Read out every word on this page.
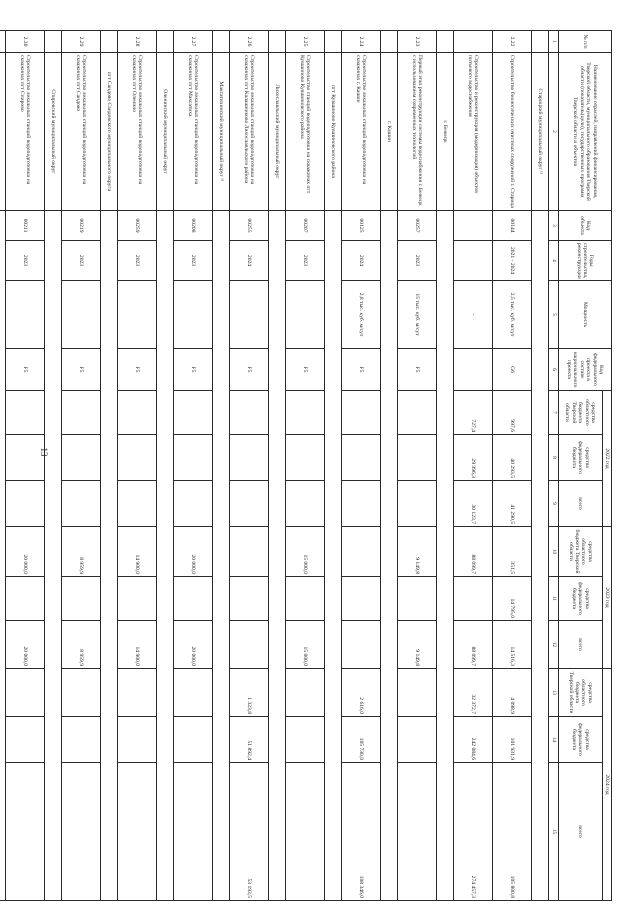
13
№ п/п	Наименование отраслей, направлений финансирования, Тверской области, муниципального образования Тверской области (показатель(цели), государственных программ Тверской области и объектов	Код объекта	Годы строительства, реконструкции	Мощность	Код федерального проекта в составе национального проекта	2022 год			2023 год			2024 год		
						средства областного бюджета Тверской области	средства федерального бюджета	всего	средства областного бюджета Тверской области	средства федерального бюджета	всего	средства областного бюджета Тверской области	средства федерального бюджета	всего
1	2	3	4	5	6	7	8	9	10	11	12	13	14	15
	Старицкий муниципальный округ ¹¹													
2.22	Строительство биологических очистных сооружений г. Старица	00144	2021 - 2024	2,5 тыс. куб. м/сут	G6	997,6	40 293,5	41 290,5	351,5	14 795,0	14 516,3	4 098,9	101 931,9	105 800,8
	Строительство и реконструкция (модернизация) объектов питьевого водоснабжения			-		727,4	29 396,3	30 123,7	88 099,7		88 099,7	32 372,7	242 084,6	274 457,3
	г. Бежецк													
2.23	Первый этап реконструкции системы водоснабжения г. Бежецк с использованием современных технологий	00257	2023	15 тыс. куб. м/сут	F5				9 149,8		9 149,8			
	г. Кашин													
2.24	Строительство локальных станций водоподготовки на скважинах г. Кашин	00125	2024	2,8 тыс. куб. м/сут	F5							2 616,0	105 730,0	108 346,0
	пгт Кувшиново Кувшиновского района													
2.25	Строительство станций водоподготовки на скважинах пгт Кувшиново Кувшиновского района	00207	2023		F5				15 000,0		15 000,0			
	Лихославльский муниципальный округ													
2.26	Строительство локальных станций водоподготовки на скважинах пгт Калашниково Лихославльского района	00255	2024		F5							1 323,8	51 892,4	53 193,5
	Максатихинский муниципальный округ ¹¹													
2.27	Строительство локальных станций водоподготовки на скважинах пгт Максатиха	00208	2023		F5				20 000,0		20 000,0			
	Оленинский муниципальный округ													
2.28	Строительство локальных станций водоподготовки на скважинах пгт Оленино	00259	2023		F5				14 900,0		14 900,0			
	пгт Сандово Сандовского муниципального округа													
2.29	Строительство локальных станций водоподготовки на скважинах пгт Сандово	00219	2023		F5				8 959,9		8 959,9			
	Спировский муниципальный округ													
2.30	Строительство локальных станций водоподготовки на скважинах пгт Спирово	00211	2023		F5				20 000,0		20 000,0			
